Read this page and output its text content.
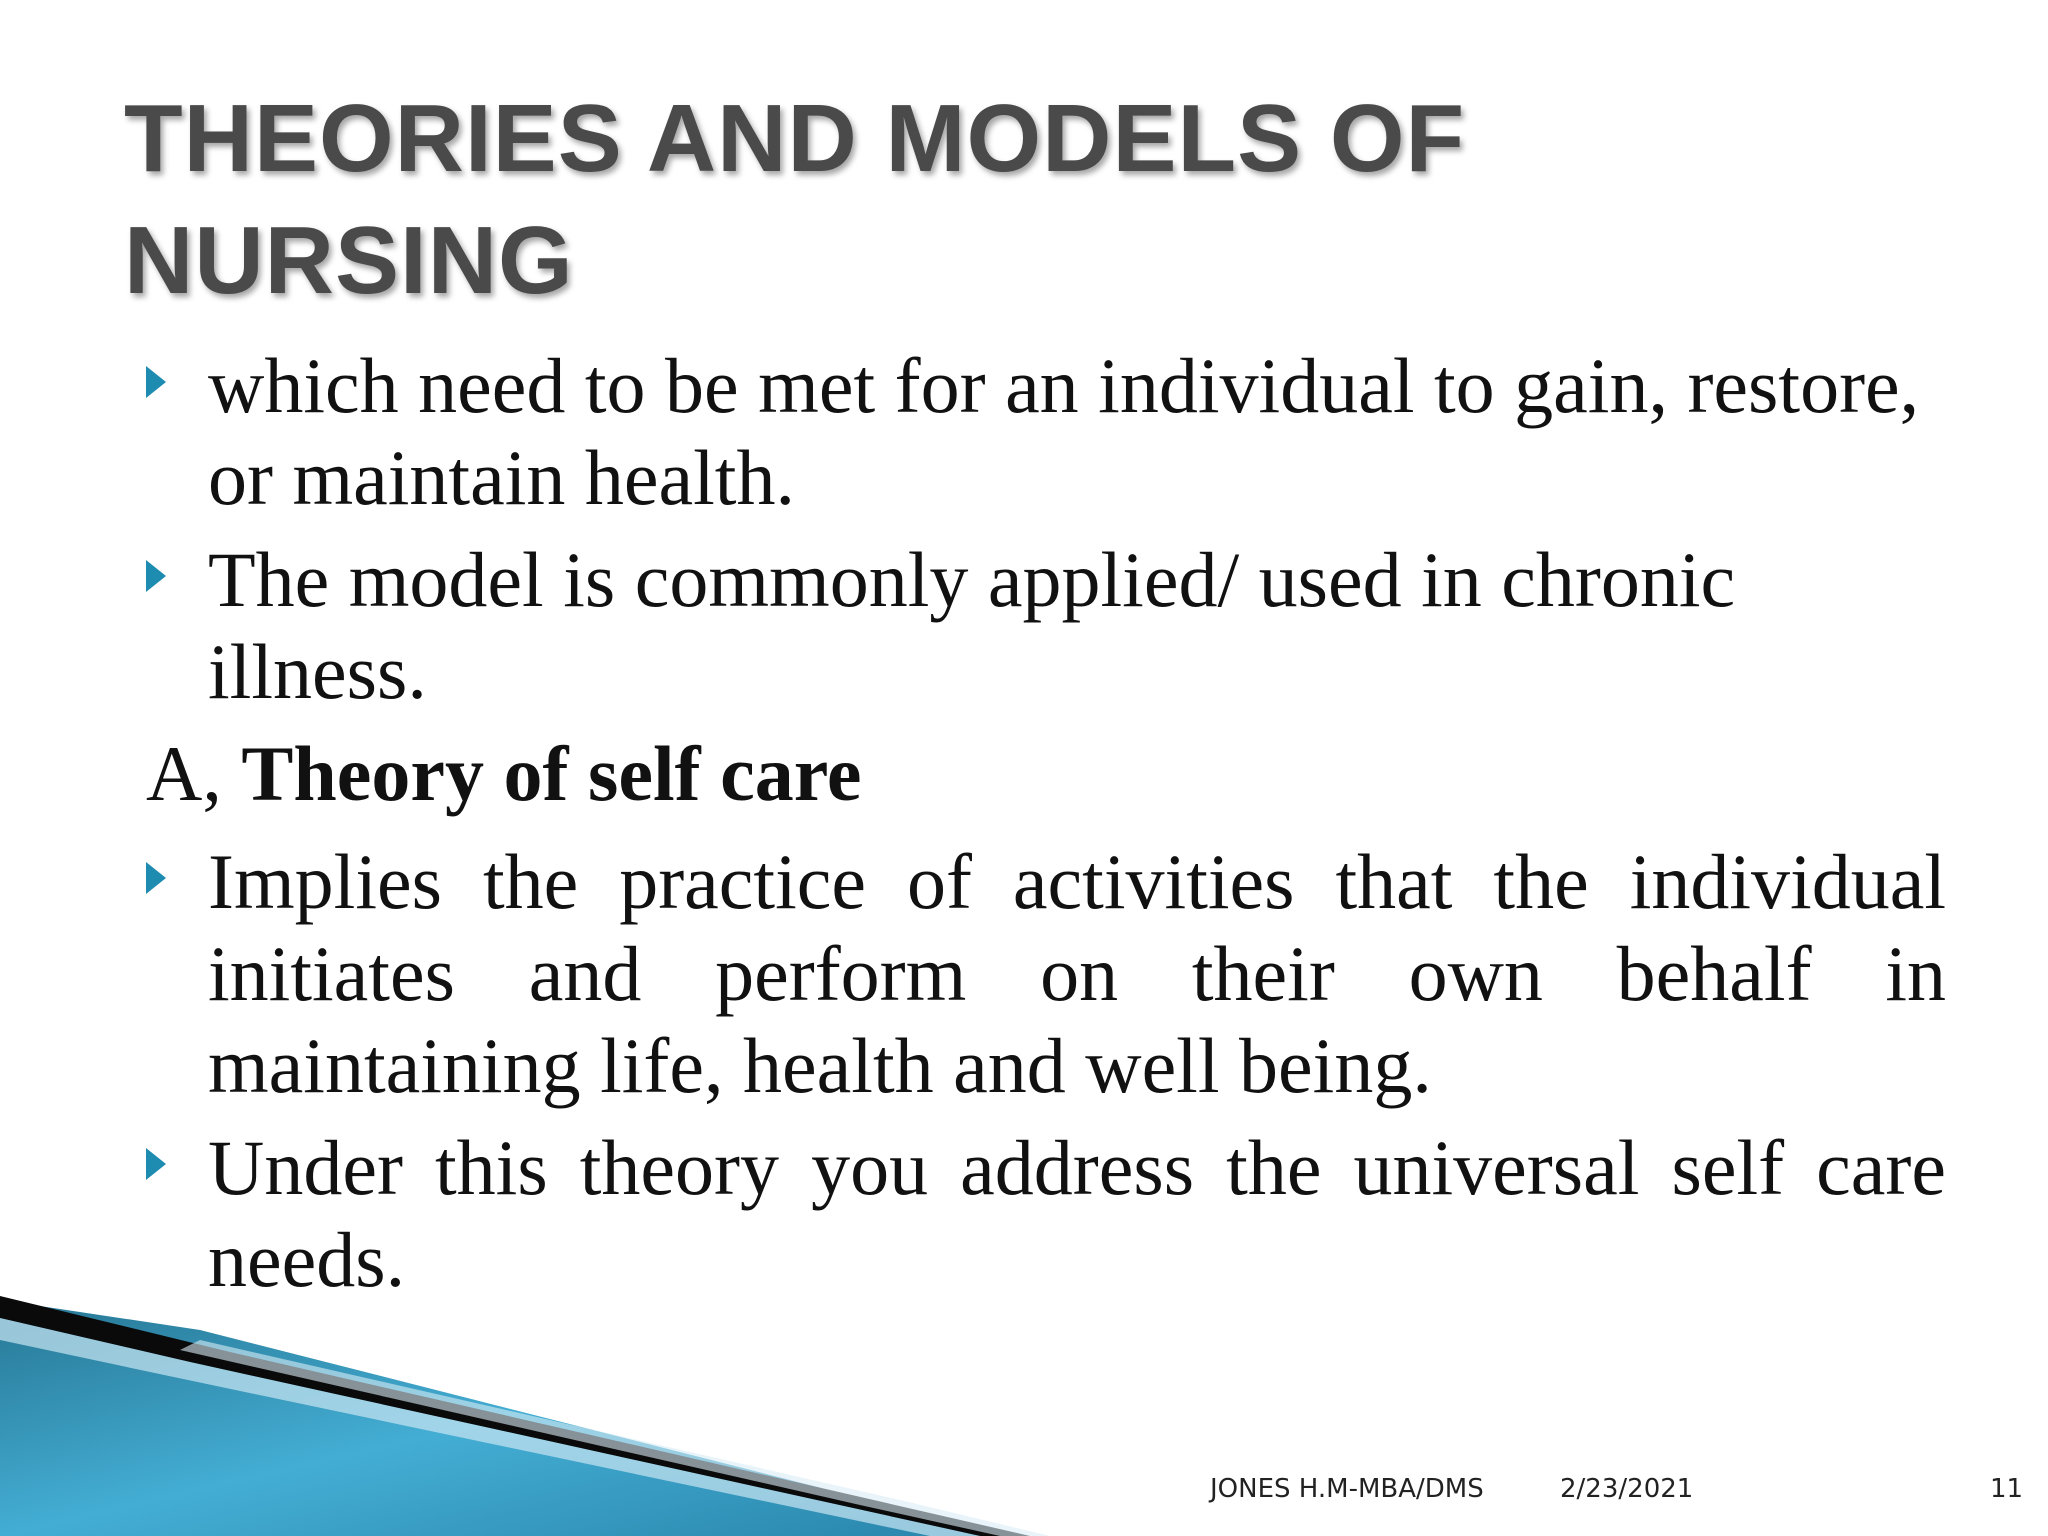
THEORIES AND MODELS OF
NURSING
which need to be met for an individual to gain, restore, or maintain health.
The model is commonly applied/ used in chronic illness.
A, Theory of self care
Implies the practice of activities that the individual initiates and perform on their own behalf in maintaining life, health and well being.
Under this theory you address the universal self care needs.
JONES H.M-MBA/DMS	2/23/2021	11
